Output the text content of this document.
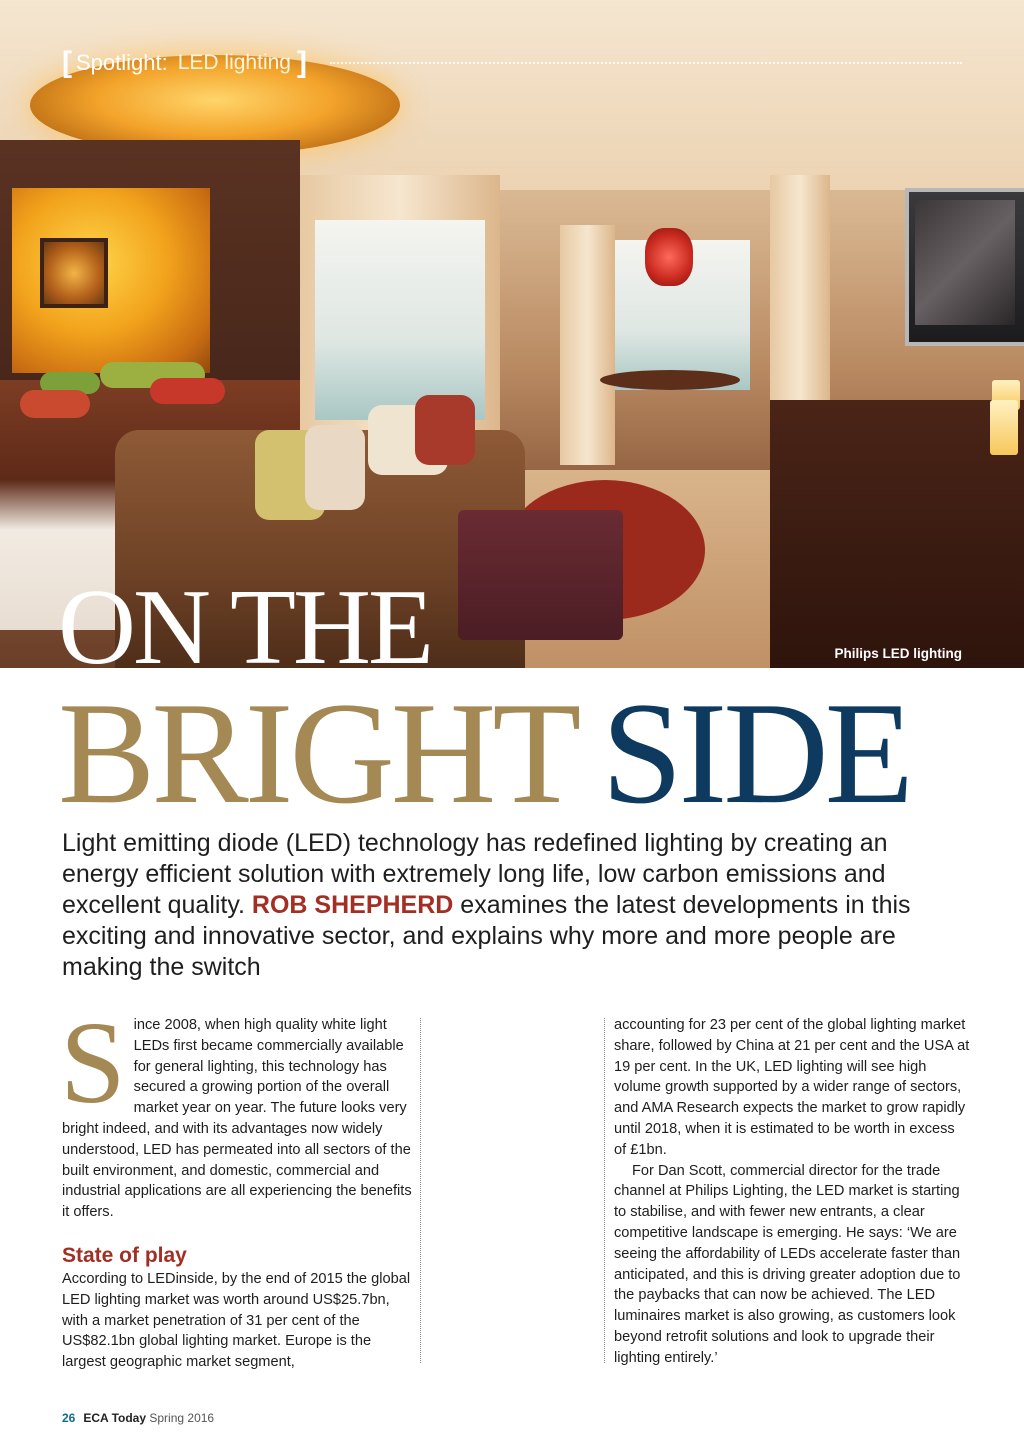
[ Spotlight: LED lighting ]
Philips LED lighting
ON THE
BRIGHT SIDE
Light emitting diode (LED) technology has redefined lighting by creating an energy efficient solution with extremely long life, low carbon emissions and excellent quality. ROB SHEPHERD examines the latest developments in this exciting and innovative sector, and explains why more and more people are making the switch
S ince 2008, when high quality white light LEDs first became commercially available for general lighting, this technology has secured a growing portion of the overall market year on year. The future looks very bright indeed, and with its advantages now widely understood, LED has permeated into all sectors of the built environment, and domestic, commercial and industrial applications are all experiencing the benefits it offers.

State of play

According to LEDinside, by the end of 2015 the global LED lighting market was worth around US$25.7bn, with a market penetration of 31 per cent of the US$82.1bn global lighting market. Europe is the largest geographic market segment,

accounting for 23 per cent of the global lighting market share, followed by China at 21 per cent and the USA at 19 per cent. In the UK, LED lighting will see high volume growth supported by a wider range of sectors, and AMA Research expects the market to grow rapidly until 2018, when it is estimated to be worth in excess of £1bn.

For Dan Scott, commercial director for the trade channel at Philips Lighting, the LED market is starting to stabilise, and with fewer new entrants, a clear competitive landscape is emerging. He says: ‘We are seeing the affordability of LEDs accelerate faster than anticipated, and this is driving greater adoption due to the paybacks that can now be achieved. The LED luminaires market is also growing, as customers look beyond retrofit solutions and look to upgrade their lighting entirely.’

26 ECA Today Spring 2016
